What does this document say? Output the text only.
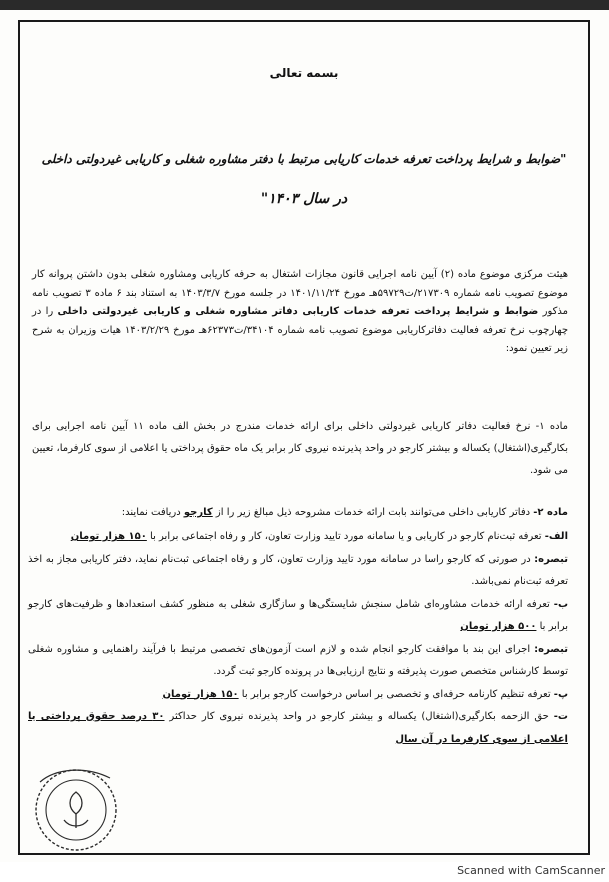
بسمه تعالی
"ضوابط و شرایط پرداخت تعرفه خدمات کاریابی مرتبط با دفتر مشاوره شغلی و کاریابی غیردولتی داخلی
در سال ۱۴۰۳"
هیئت مرکزی موضوع ماده (۲) آیین نامه اجرایی قانون مجازات اشتغال به حرفه کاریابی ومشاوره شغلی بدون داشتن پروانه کار موضوع تصویب نامه شماره ۲۱۷۳۰۹/ت۵۹۷۲۹هـ مورخ ۱۴۰۱/۱۱/۲۴ در جلسه مورخ ۱۴۰۳/۳/۷ به استناد بند ۶ ماده ۳ تصویب نامه مذکور ضوابط و شرایط پرداخت تعرفه خدمات کاریابی دفاتر مشاوره شغلی و کاریابی غیردولتی داخلی را در چهارچوب نرخ تعرفه فعالیت دفاترکاریابی موضوع تصویب نامه شماره ۳۴۱۰۴/ت۶۲۳۷۳هـ مورخ ۱۴۰۳/۲/۲۹ هیات وزیران به شرح زیر تعیین نمود:
ماده ۱- نرخ فعالیت دفاتر کاریابی غیردولتی داخلی برای ارائه خدمات مندرج در بخش الف ماده ۱۱ آیین نامه اجرایی برای بکارگیری(اشتغال) یکساله و بیشتر کارجو در واحد پذیرنده نیروی کار برابر یک ماه حقوق پرداختی یا اعلامی از سوی کارفرما، تعیین می شود.
ماده ۲- دفاتر کاریابی داخلی می‌توانند بابت ارائه خدمات مشروحه ذیل مبالغ زیر را از کارجو دریافت نمایند:
الف- تعرفه ثبت‌نام کارجو در کاریابی و یا سامانه مورد تایید وزارت تعاون، کار و رفاه اجتماعی برابر با ۱۵۰ هزار تومان
تبصره: در صورتی که کارجو راسا در سامانه مورد تایید وزارت تعاون، کار و رفاه اجتماعی ثبت‌نام نماید، دفتر کاریابی مجاز به اخذ تعرفه ثبت‌نام نمی‌باشد.
ب- تعرفه ارائه خدمات مشاوره‌ای شامل سنجش شایستگی‌ها و سازگاری شغلی به منظور کشف استعدادها و ظرفیت‌های کارجو برابر با ۵۰۰ هزار تومان
تبصره: اجرای این بند با موافقت کارجو انجام شده و لازم است آزمون‌های تخصصی مرتبط با فرآیند راهنمایی و مشاوره شغلی توسط کارشناس متخصص صورت پذیرفته و نتایج ارزیابی‌ها در پرونده کارجو ثبت گردد.
پ- تعرفه تنظیم کارنامه حرفه‌ای و تخصصی بر اساس درخواست کارجو برابر با ۱۵۰ هزار تومان
ت- حق الزحمه بکارگیری(اشتغال) یکساله و بیشتر کارجو در واحد پذیرنده نیروی کار حداکثر ۳۰ درصد حقوق پرداختی یا اعلامی از سوی کارفرما در آن سال
Scanned with CamScanner
